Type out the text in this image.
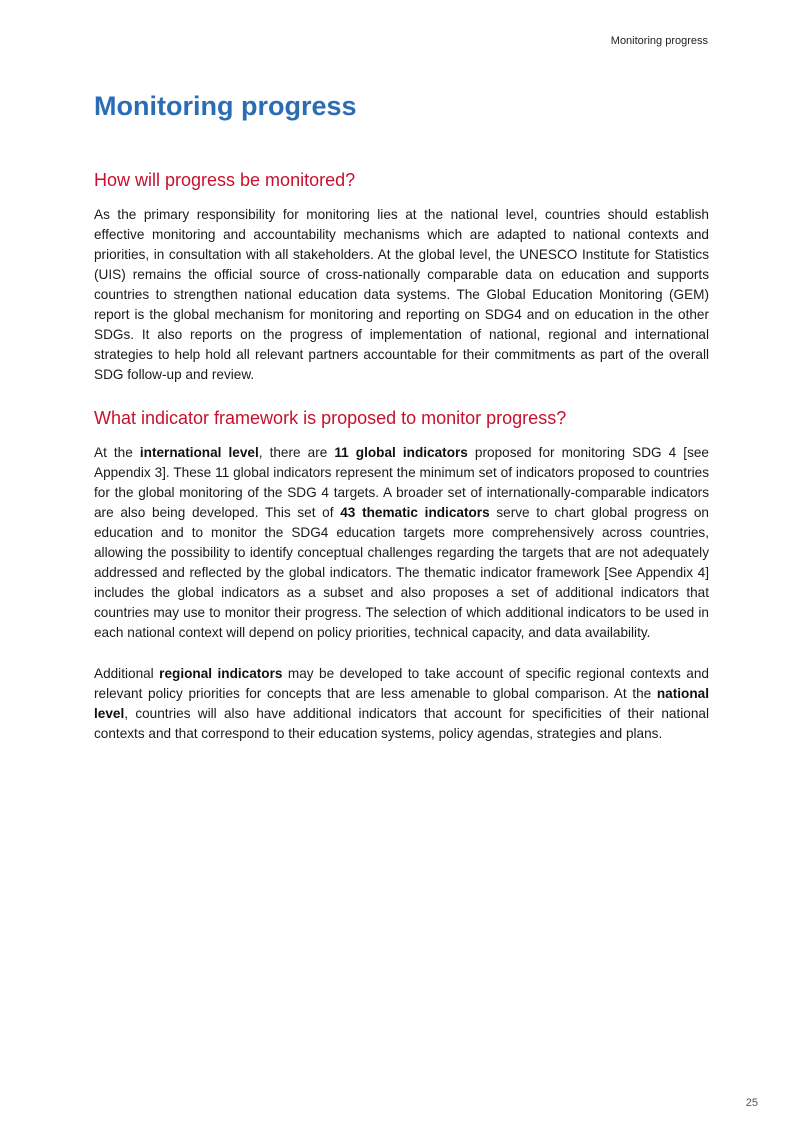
Monitoring progress
Monitoring progress
How will progress be monitored?

As the primary responsibility for monitoring lies at the national level, countries should establish effective monitoring and accountability mechanisms which are adapted to national contexts and priorities, in consultation with all stakeholders. At the global level, the UNESCO Institute for Statistics (UIS) remains the official source of cross-nationally comparable data on education and supports countries to strengthen national education data systems. The Global Education Monitoring (GEM) report is the global mechanism for monitoring and reporting on SDG4 and on education in the other SDGs. It also reports on the progress of implementation of national, regional and international strategies to help hold all relevant partners accountable for their commitments as part of the overall SDG follow-up and review.

What indicator framework is proposed to monitor progress?

At the international level, there are 11 global indicators proposed for monitoring SDG 4 [see Appendix 3]. These 11 global indicators represent the minimum set of indicators proposed to countries for the global monitoring of the SDG 4 targets. A broader set of internationally-comparable indicators are also being developed. This set of 43 thematic indicators serve to chart global progress on education and to monitor the SDG4 education targets more comprehensively across countries, allowing the possibility to identify conceptual challenges regarding the targets that are not adequately addressed and reflected by the global indicators. The thematic indicator framework [See Appendix 4] includes the global indicators as a subset and also proposes a set of additional indicators that countries may use to monitor their progress. The selection of which additional indicators to be used in each national context will depend on policy priorities, technical capacity, and data availability.

Additional regional indicators may be developed to take account of specific regional contexts and relevant policy priorities for concepts that are less amenable to global comparison. At the national level, countries will also have additional indicators that account for specificities of their national contexts and that correspond to their education systems, policy agendas, strategies and plans.

25
